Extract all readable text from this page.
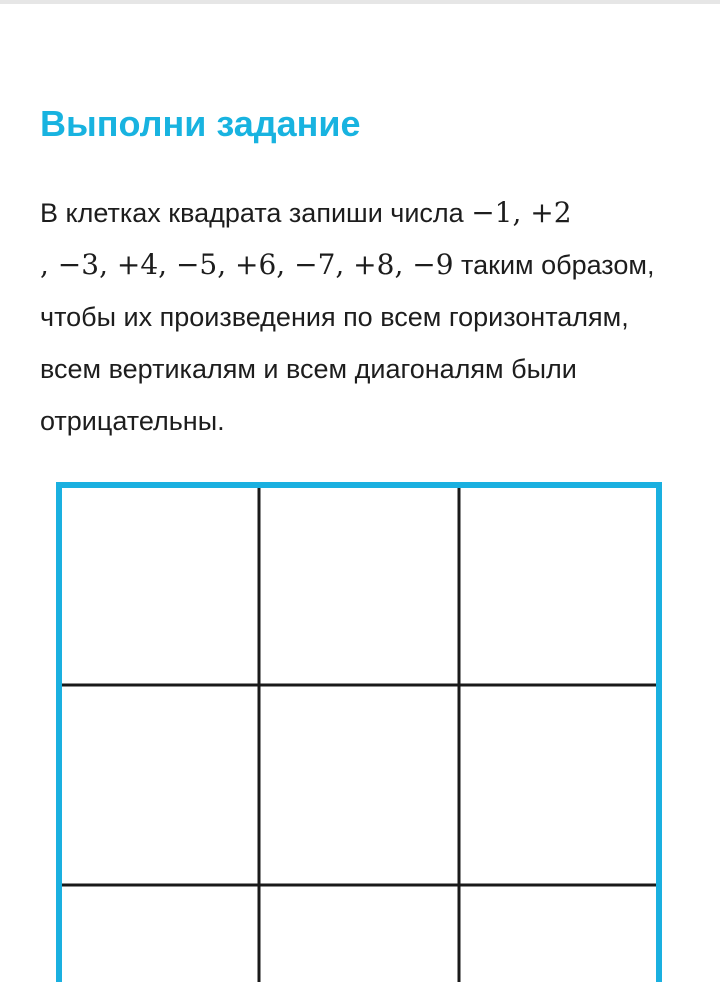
Выполни задание

В клетках квадрата запиши числа −1, +2
, −3, +4, −5, +6, −7, +8, −9 таким образом, чтобы их произведения по всем горизонталям, всем вертикалям и всем диагоналям были отрицательны.
